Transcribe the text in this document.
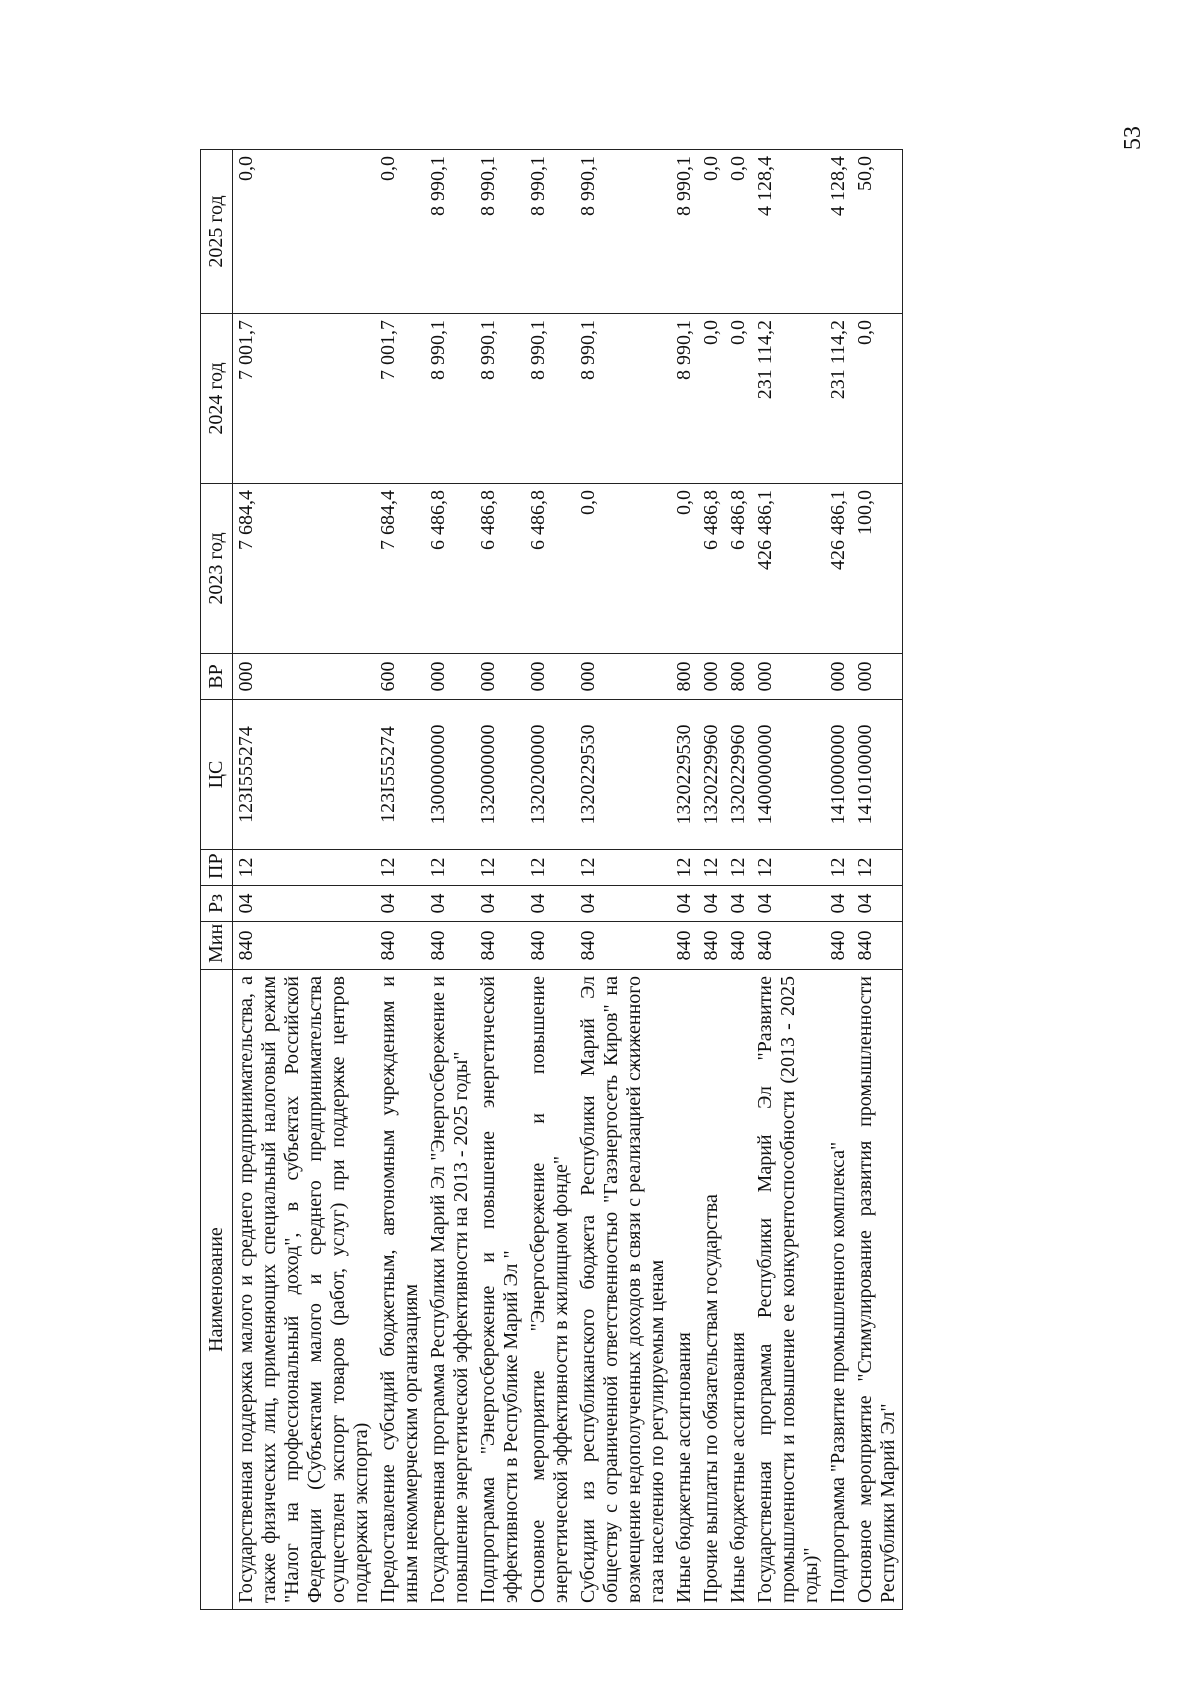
53
Наименование	Мин	Рз	ПР	ЦС	ВР	2023 год	2024 год	2025 год
Государственная поддержка малого и среднего предпринимательства, а также физических лиц, применяющих специальный налоговый режим "Налог на профессиональный доход", в субъектах Российской Федерации (Субъектами малого и среднего предпринимательства осуществлен экспорт товаров (работ, услуг) при поддержке центров поддержки экспорта)	840	04	12	123I555274	000	7 684,4	7 001,7	0,0
Предоставление субсидий бюджетным, автономным учреждениям и иным некоммерческим организациям	840	04	12	123I555274	600	7 684,4	7 001,7	0,0
Государственная программа Республики Марий Эл "Энергосбережение и повышение энергетической эффективности на 2013 - 2025 годы"	840	04	12	1300000000	000	6 486,8	8 990,1	8 990,1
Подпрограмма "Энергосбережение и повышение энергетической эффективности в Республике Марий Эл "	840	04	12	1320000000	000	6 486,8	8 990,1	8 990,1
Основное мероприятие "Энергосбережение и повышение энергетической эффективности в жилищном фонде"	840	04	12	1320200000	000	6 486,8	8 990,1	8 990,1
Субсидии из республиканского бюджета Республики Марий Эл обществу с ограниченной ответственностью "Газэнергосеть Киров" на возмещение недополученных доходов в связи с реализацией сжиженного газа населению по регулируемым ценам	840	04	12	1320229530	000	0,0	8 990,1	8 990,1
Иные бюджетные ассигнования	840	04	12	1320229530	800	0,0	8 990,1	8 990,1
Прочие выплаты по обязательствам государства	840	04	12	1320229960	000	6 486,8	0,0	0,0
Иные бюджетные ассигнования	840	04	12	1320229960	800	6 486,8	0,0	0,0
Государственная программа Республики Марий Эл "Развитие промышленности и повышение ее конкурентоспособности (2013 - 2025 годы)"	840	04	12	1400000000	000	426 486,1	231 114,2	4 128,4
Подпрограмма "Развитие промышленного комплекса"	840	04	12	1410000000	000	426 486,1	231 114,2	4 128,4
Основное мероприятие "Стимулирование развития промышленности Республики Марий Эл"	840	04	12	1410100000	000	100,0	0,0	50,0
